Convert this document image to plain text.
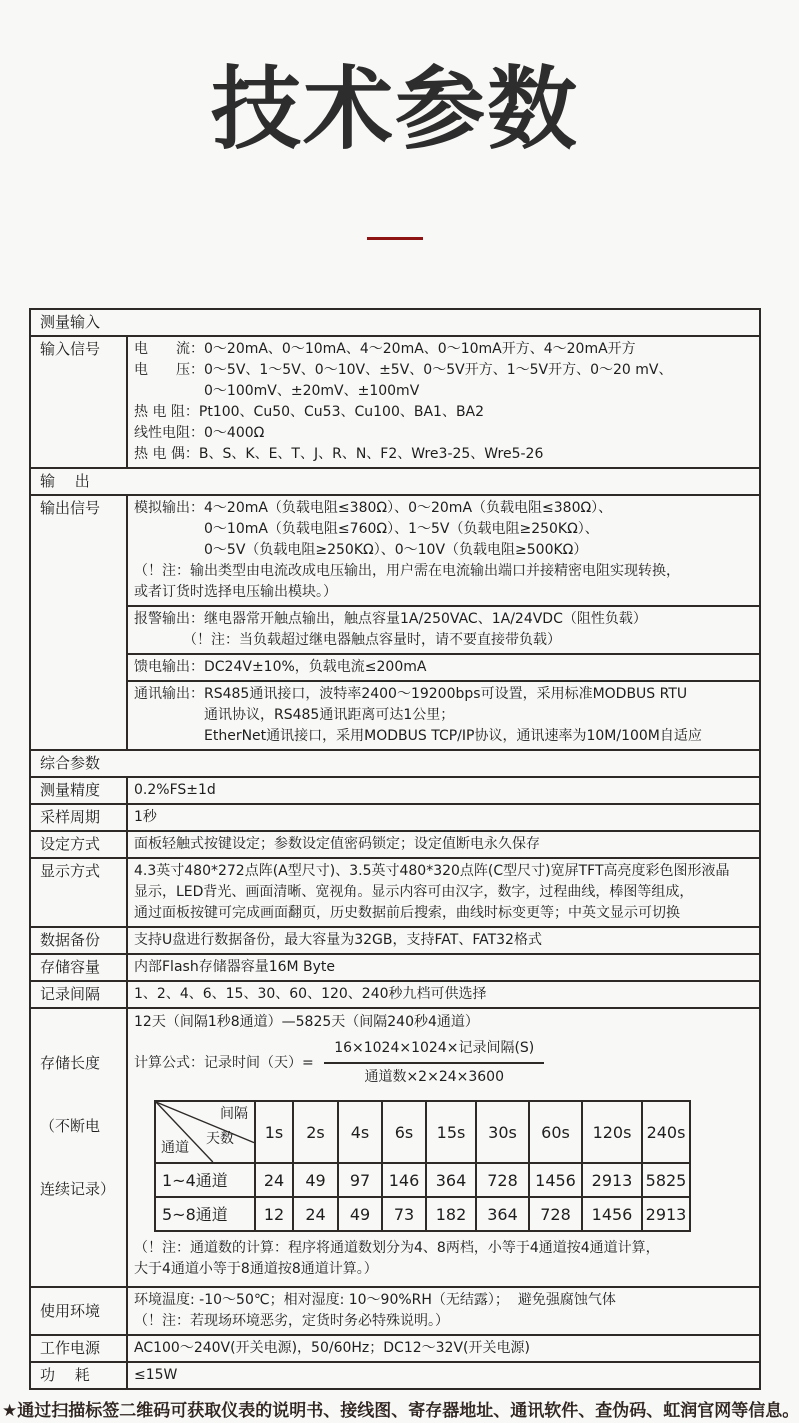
技术参数
测量输入
输入信号	电　　流：0～20mA、0～10mA、4～20mA、0～10mA开方、4～20mA开方
电　　压：0～5V、1～5V、0～10V、±5V、0～5V开方、1～5V开方、0～20 mV、
　　　　　0～100mV、±20mV、±100mV
热 电 阻：Pt100、Cu50、Cu53、Cu100、BA1、BA2
线性电阻：0～400Ω
热 电 偶：B、S、K、E、T、J、R、N、F2、Wre3-25、Wre5-26
输　 出
输出信号	模拟输出：4～20mA（负载电阻≤380Ω）、0～20mA（负载电阻≤380Ω）、
　　　　　0～10mA（负载电阻≤760Ω）、1～5V（负载电阻≥250KΩ）、
　　　　　0～5V（负载电阻≥250KΩ）、0～10V（负载电阻≥500KΩ）
（！注：输出类型由电流改成电压输出，用户需在电流输出端口并接精密电阻实现转换，
或者订货时选择电压输出模块。）
报警输出：继电器常开触点输出，触点容量1A/250VAC、1A/24VDC（阻性负载）
　　　　（！注：当负载超过继电器触点容量时，请不要直接带负载）
馈电输出：DC24V±10%，负载电流≤200mA
通讯输出：RS485通讯接口，波特率2400～19200bps可设置，采用标准MODBUS RTU
　　　　　通讯协议，RS485通讯距离可达1公里；
　　　　　EtherNet通讯接口，采用MODBUS TCP/IP协议，通讯速率为10M/100M自适应
综合参数
测量精度	0.2%FS±1d
采样周期	1秒
设定方式	面板轻触式按键设定；参数设定值密码锁定；设定值断电永久保存
显示方式	4.3英寸480*272点阵(A型尺寸)、3.5英寸480*320点阵(C型尺寸)宽屏TFT高亮度彩色图形液晶
显示，LED背光、画面清晰、宽视角。显示内容可由汉字，数字，过程曲线，棒图等组成，
通过面板按键可完成画面翻页，历史数据前后搜索，曲线时标变更等；中英文显示可切换
数据备份	支持U盘进行数据备份，最大容量为32GB，支持FAT、FAT32格式
存储容量	内部Flash存储器容量16M Byte
记录间隔	1、2、4、6、15、30、60、120、240秒九档可供选择

存储长度

（不断电

连续记录）

12天（间隔1秒8通道）—5825天（间隔240秒4通道）
计算公式：记录时间（天）= $\frac{\text{16×1024×1024×记录间隔(S)}}{\text{通道数×2×24×3600}}$
间隔
天数
通道	1s	2s	4s	6s	15s	30s	60s	120s	240s
1~4通道	24	49	97	146	364	728	1456	2913	5825
5~8通道	12	24	49	73	182	364	728	1456	2913
（！注：通道数的计算：程序将通道数划分为4、8两档，小等于4通道按4通道计算，
大于4通道小等于8通道按8通道计算。）
使用环境
环境温度: -10～50℃；相对湿度: 10～90%RH（无结露）；  避免强腐蚀气体
（！注：若现场环境恶劣，定货时务必特殊说明。）
工作电源	AC100～240V(开关电源)，50/60Hz；DC12～32V(开关电源)
功　 耗	≤15W
★通过扫描标签二维码可获取仪表的说明书、接线图、寄存器地址、通讯软件、查伪码、虹润官网等信息。
